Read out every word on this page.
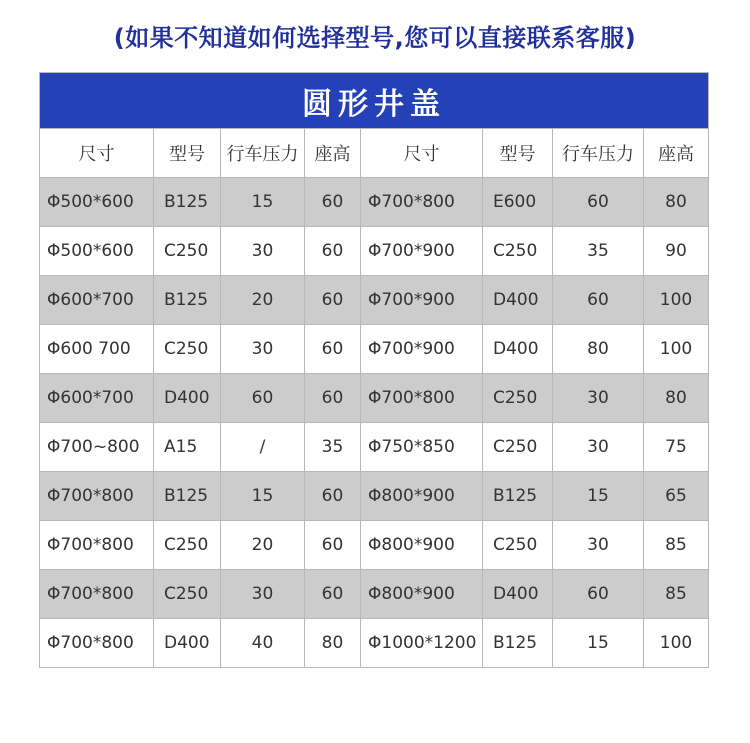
(如果不知道如何选择型号,您可以直接联系客服)
圆形井盖							
尺寸	型号	行车压力	座高	尺寸	型号	行车压力	座高
Φ500*600	B125	15	60	Φ700*800	E600	60	80
Φ500*600	C250	30	60	Φ700*900	C250	35	90
Φ600*700	B125	20	60	Φ700*900	D400	60	100
Φ600 700	C250	30	60	Φ700*900	D400	80	100
Φ600*700	D400	60	60	Φ700*800	C250	30	80
Φ700~800	A15	/	35	Φ750*850	C250	30	75
Φ700*800	B125	15	60	Φ800*900	B125	15	65
Φ700*800	C250	20	60	Φ800*900	C250	30	85
Φ700*800	C250	30	60	Φ800*900	D400	60	85
Φ700*800	D400	40	80	Φ1000*1200	B125	15	100
